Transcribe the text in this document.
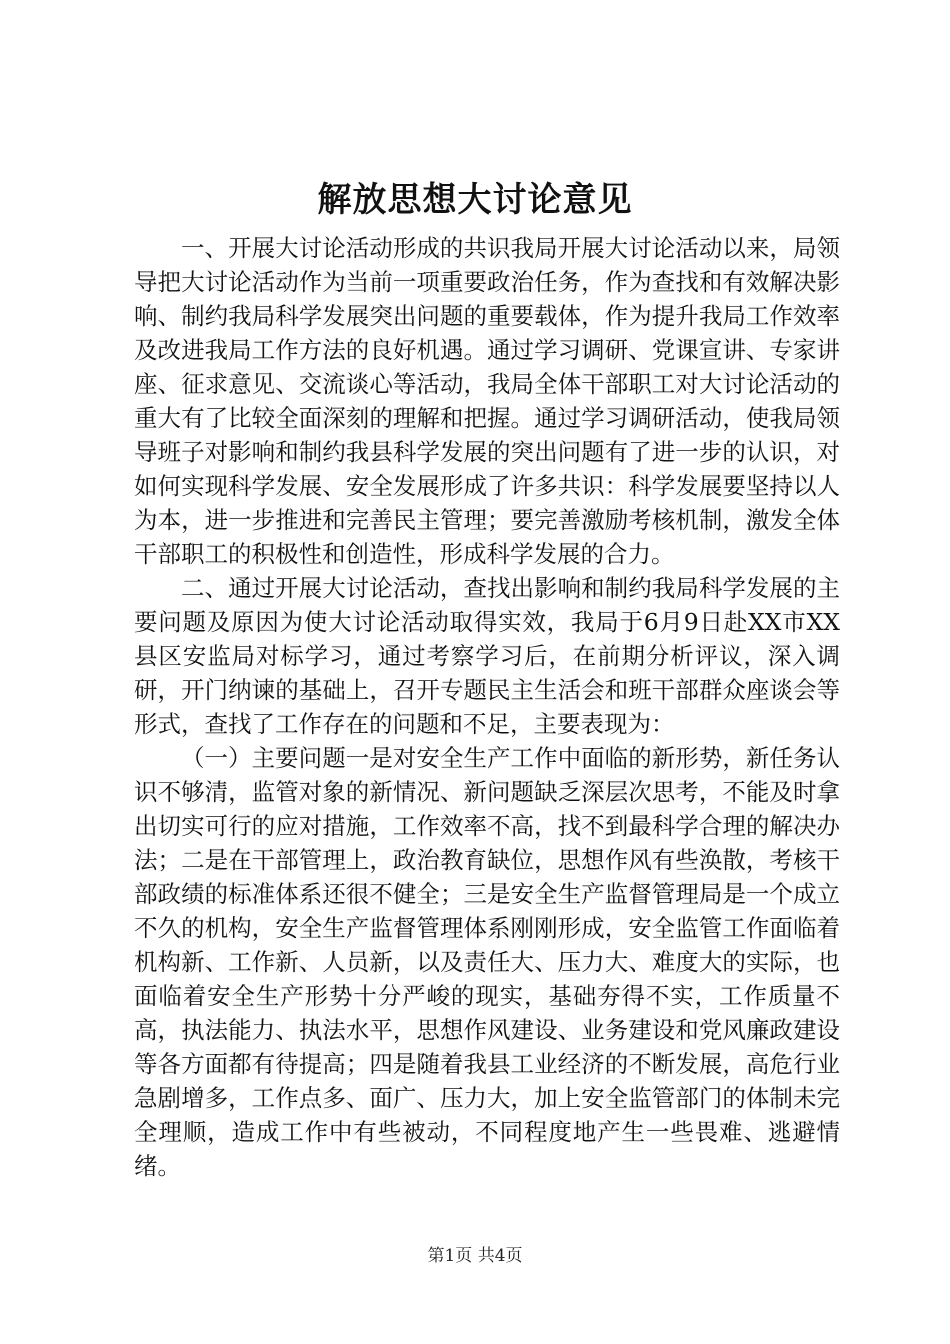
解放思想大讨论意见

一、开展大讨论活动形成的共识我局开展大讨论活动以来，局领导把大讨论活动作为当前一项重要政治任务，作为查找和有效解决影响、制约我局科学发展突出问题的重要载体，作为提升我局工作效率及改进我局工作方法的良好机遇。通过学习调研、党课宣讲、专家讲座、征求意见、交流谈心等活动，我局全体干部职工对大讨论活动的重大有了比较全面深刻的理解和把握。通过学习调研活动，使我局领导班子对影响和制约我县科学发展的突出问题有了进一步的认识，对如何实现科学发展、安全发展形成了许多共识：科学发展要坚持以人为本，进一步推进和完善民主管理；要完善激励考核机制，激发全体干部职工的积极性和创造性，形成科学发展的合力。

二、通过开展大讨论活动，查找出影响和制约我局科学发展的主要问题及原因为使大讨论活动取得实效，我局于6月9日赴XX市XX县区安监局对标学习，通过考察学习后，在前期分析评议，深入调研，开门纳谏的基础上，召开专题民主生活会和班干部群众座谈会等形式，查找了工作存在的问题和不足，主要表现为：

（一）主要问题一是对安全生产工作中面临的新形势，新任务认识不够清，监管对象的新情况、新问题缺乏深层次思考，不能及时拿出切实可行的应对措施，工作效率不高，找不到最科学合理的解决办法；二是在干部管理上，政治教育缺位，思想作风有些涣散，考核干部政绩的标准体系还很不健全；三是安全生产监督管理局是一个成立不久的机构，安全生产监督管理体系刚刚形成，安全监管工作面临着机构新、工作新、人员新，以及责任大、压力大、难度大的实际，也面临着安全生产形势十分严峻的现实，基础夯得不实，工作质量不高，执法能力、执法水平，思想作风建设、业务建设和党风廉政建设等各方面都有待提高；四是随着我县工业经济的不断发展，高危行业急剧增多，工作点多、面广、压力大，加上安全监管部门的体制未完全理顺，造成工作中有些被动，不同程度地产生一些畏难、逃避情绪。

第1页 共4页
